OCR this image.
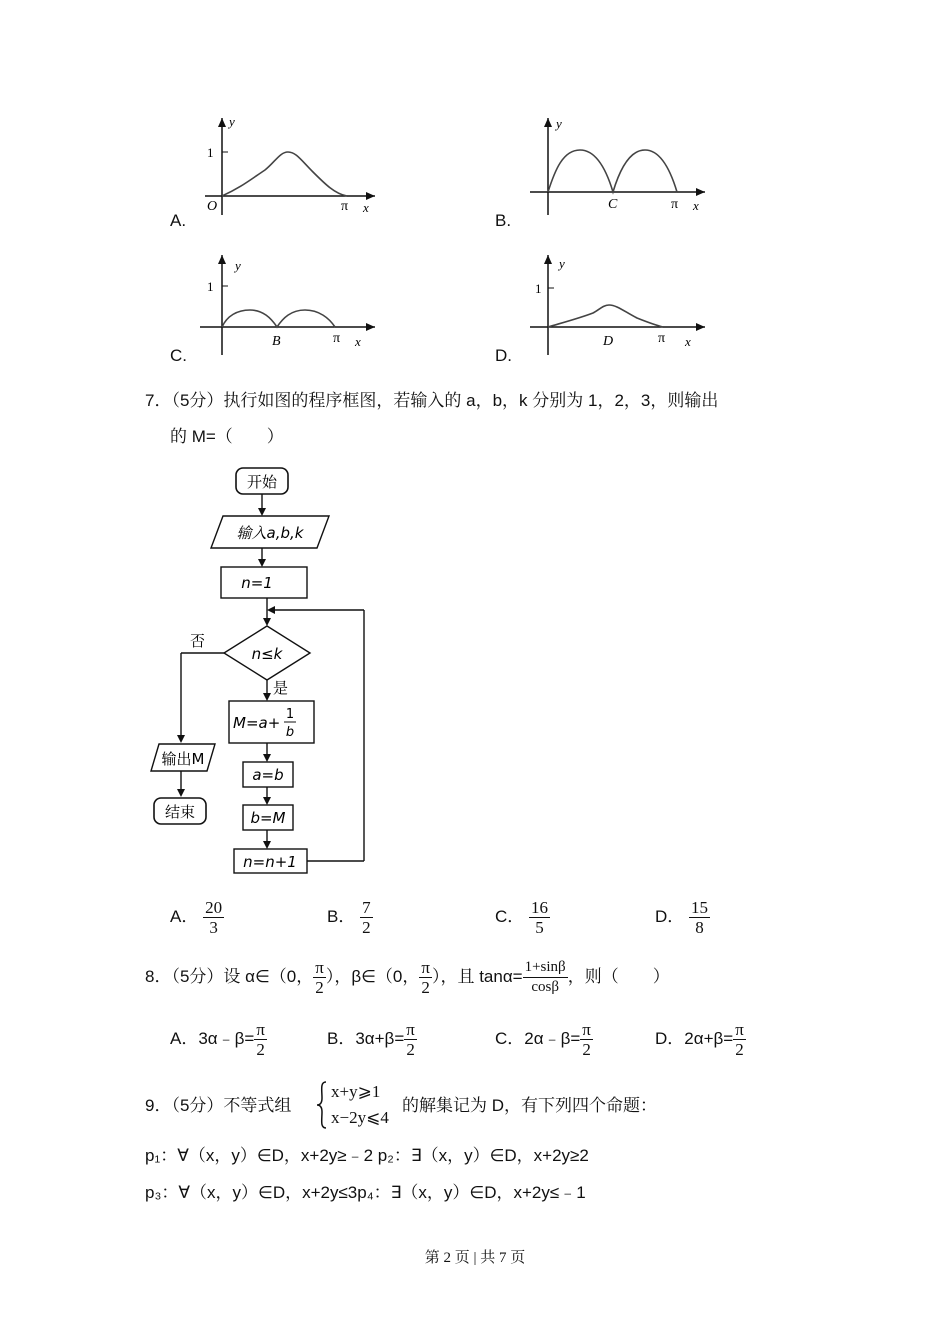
y
1
O	π x
A.
y
C	π x
B.
y
1
B	π x
C.
y
1
D	π x
D.
7．（5分）执行如图的程序框图，若输入的 a，b，k 分别为 1，2，3，则输出
的 M=（　　）
开始
输入a,b,k
n=1
n≤k
否
是
M=a+ 1
b
a=b
b=M
n=n+1
输出M
结束
A． $\frac{20}{3}$	B． $\frac{7}{2}$	C． $\frac{16}{5}$	D． $\frac{15}{8}$
8．（5分）设 α∈（0， $\frac{\pi}{2}$ ），β∈（0， $\frac{\pi}{2}$ ），且 $\tan\alpha= \frac{1+\sin\beta}{\cos\beta}$ ，则（　　）
A．3α﹣β= $\frac{\pi}{2}$	B．$3\alpha+\beta= \frac{\pi}{2}$	C．2α﹣β= $\frac{\pi}{2}$	D．$2\alpha+\beta= \frac{\pi}{2}$
9．（5分）不等式组
x+y⩾1
x−2y⩽4
的解集记为 D，有下列四个命题：
p₁：∀（x，y）∈D，x+2y≥﹣2 p₂：∃（x，y）∈D，x+2y≥2
p₃：∀（x，y）∈D，x+2y≤3p₄：∃（x，y）∈D，x+2y≤﹣1
第 2 页 | 共 7 页
